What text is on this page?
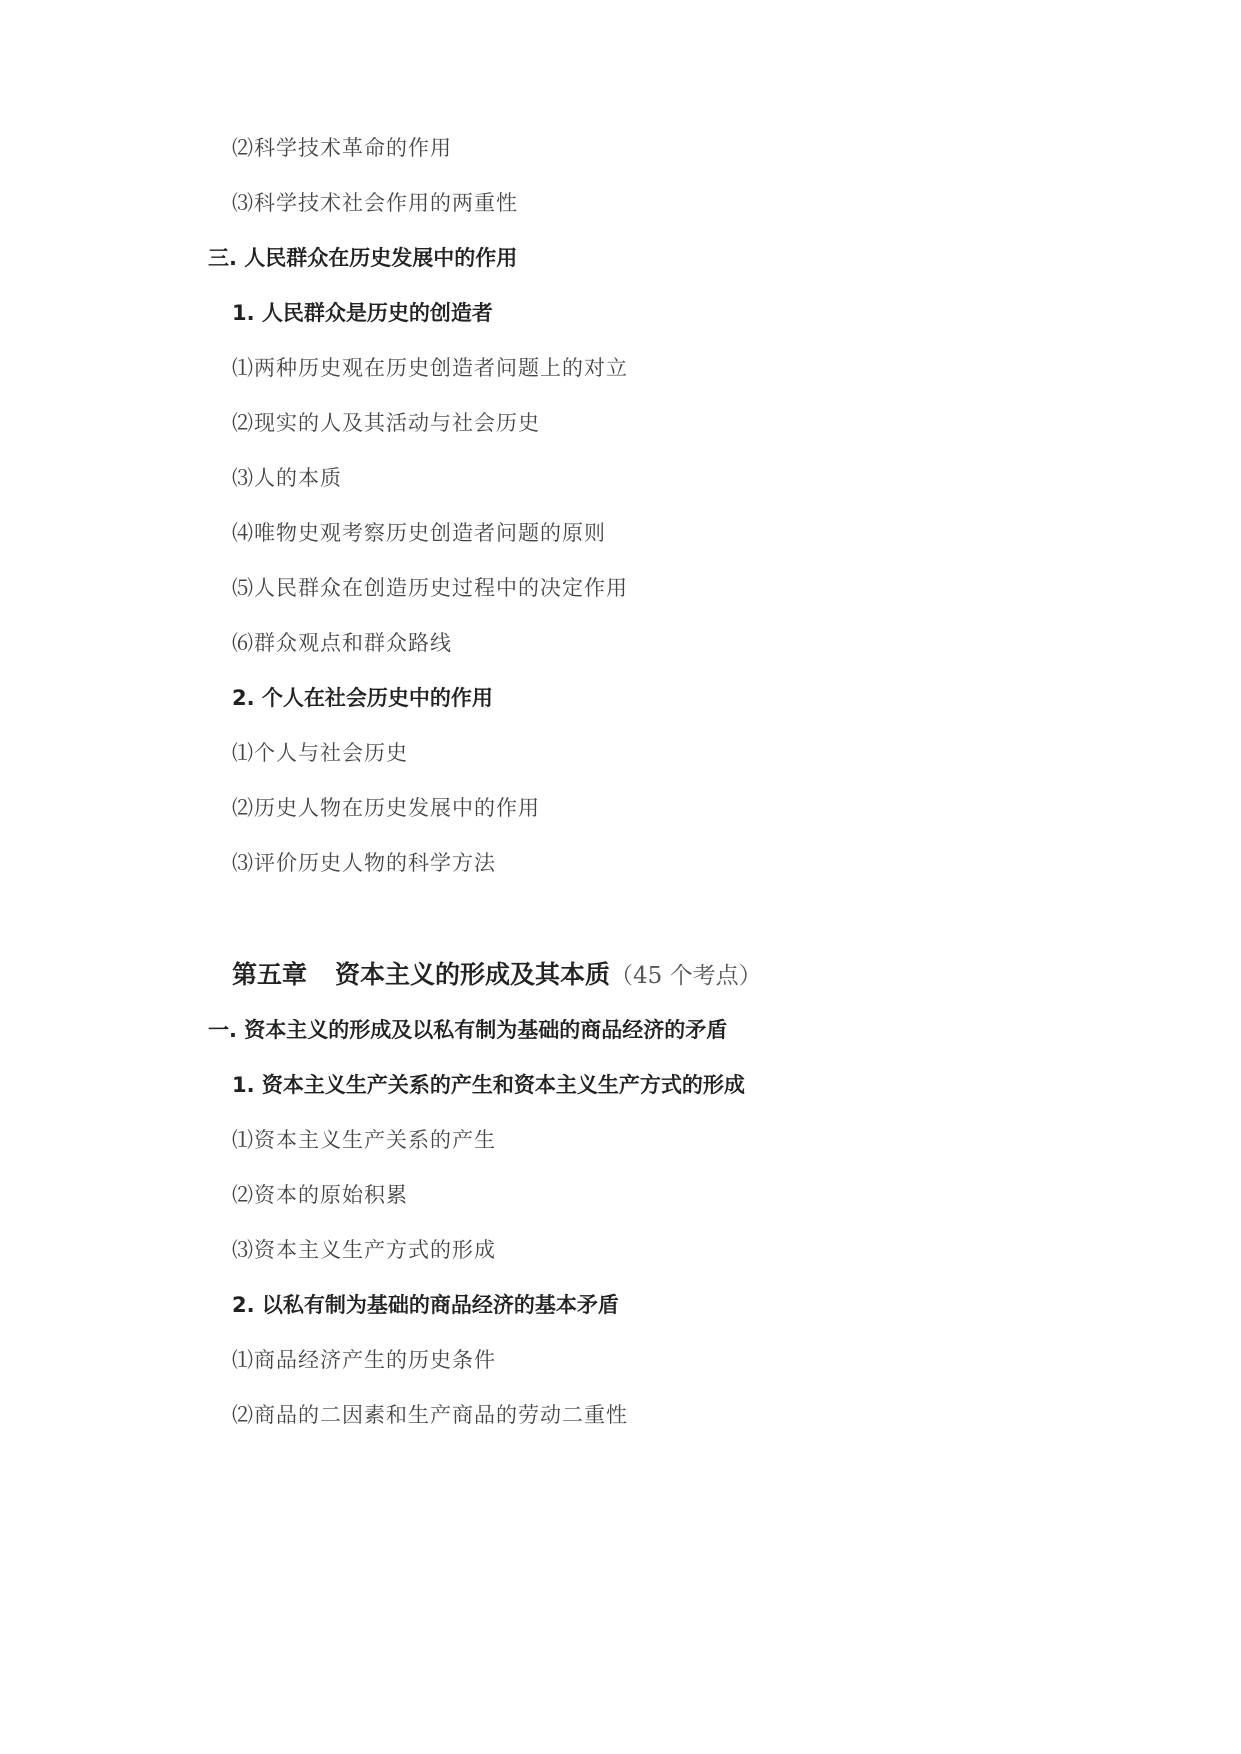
⑵科学技术革命的作用
⑶科学技术社会作用的两重性
三. 人民群众在历史发展中的作用
1. 人民群众是历史的创造者
⑴两种历史观在历史创造者问题上的对立
⑵现实的人及其活动与社会历史
⑶人的本质
⑷唯物史观考察历史创造者问题的原则
⑸人民群众在创造历史过程中的决定作用
⑹群众观点和群众路线
2. 个人在社会历史中的作用
⑴个人与社会历史
⑵历史人物在历史发展中的作用
⑶评价历史人物的科学方法
第五章 资本主义的形成及其本质（45 个考点）
一. 资本主义的形成及以私有制为基础的商品经济的矛盾
1. 资本主义生产关系的产生和资本主义生产方式的形成
⑴资本主义生产关系的产生
⑵资本的原始积累
⑶资本主义生产方式的形成
2. 以私有制为基础的商品经济的基本矛盾
⑴商品经济产生的历史条件
⑵商品的二因素和生产商品的劳动二重性
